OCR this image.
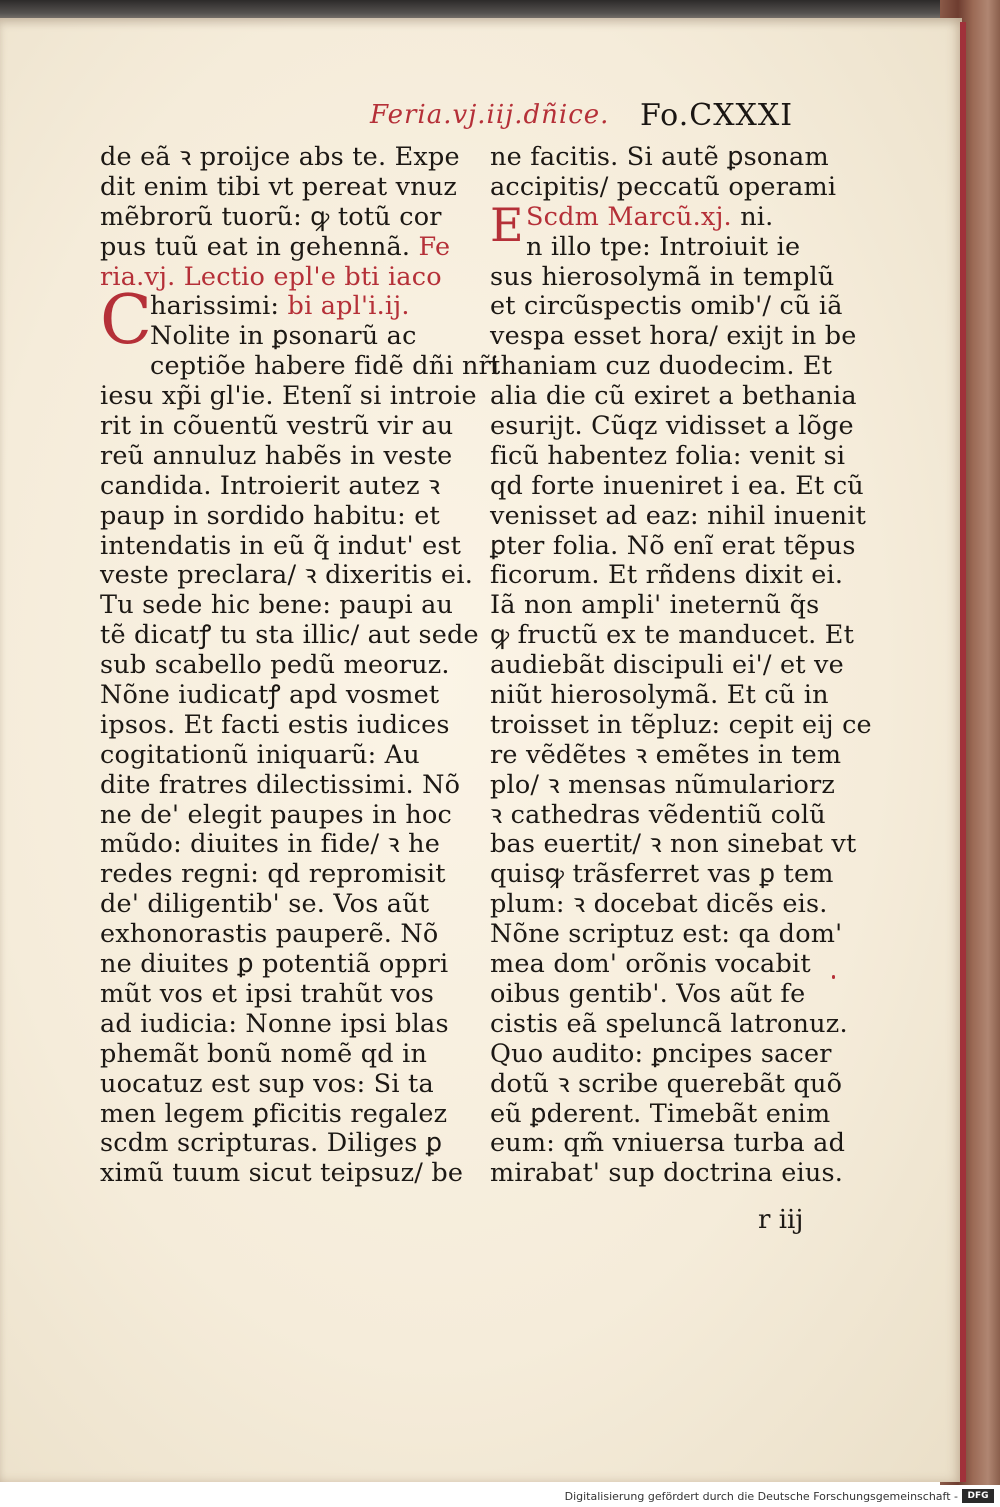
Feria.vj.iij.dñice. Fo.CXXXI
de eã ꝛ proijce abs te. Expe
dit enim tibi vt pereat vnuz
mẽbrorũ tuorũ: ꝙ totũ cor
pus tuũ eat in gehennã. Fe
ria.vj. Lectio epl'e bti iaco
C
harissimi: bi apl'i.ij.
Nolite in ꝑsonarũ ac
ceptiõe habere fidẽ dñi nr̃i
iesu xp̃i gl'ie. Etenĩ si introie
rit in cõuentũ vestrũ vir au
reũ annuluz habẽs in veste
candida. Introierit autez ꝛ
paup in sordido habitu: et
intendatis in eũ q̃ indut' est
veste preclara/ ꝛ dixeritis ei.
Tu sede hic bene: paupi au
tẽ dicatꝭ tu sta illic/ aut sede
sub scabello pedũ meoruz.
Nõne iudicatꝭ apd vosmet
ipsos. Et facti estis iudices
cogitationũ iniquarũ: Au
dite fratres dilectissimi. Nõ
ne de' elegit paupes in hoc
mũdo: diuites in fide/ ꝛ he
redes regni: qd repromisit
de' diligentib' se. Vos aũt
exhonorastis pauperẽ. Nõ
ne diuites ꝑ potentiã oppri
mũt vos et ipsi trahũt vos
ad iudicia: Nonne ipsi blas
phemãt bonũ nomẽ qd in
uocatuz est sup vos: Si ta
men legem ꝑficitis regalez
scdm scripturas. Diliges ꝑ
ximũ tuum sicut teipsuz/ be
ne facitis. Si autẽ ꝑsonam
accipitis/ peccatũ operami
E Scdm Marcũ.xj. ni.
n illo tpe: Introiuit ie
sus hierosolymã in templũ
et circũspectis omib'/ cũ iã
vespa esset hora/ exijt in be
thaniam cuz duodecim. Et
alia die cũ exiret a bethania
esurijt. Cũqz vidisset a lõge
ficũ habentez folia: venit si
qd forte inueniret i ea. Et cũ
venisset ad eaz: nihil inuenit
ꝑter folia. Nõ enĩ erat tẽpus
ficorum. Et rñdens dixit ei.
Iã non ampli' ineternũ q̃s
ꝙ fructũ ex te manducet. Et
audiebãt discipuli ei'/ et ve
niũt hierosolymã. Et cũ in
troisset in tẽpluz: cepit eij ce
re vẽdẽtes ꝛ emẽtes in tem
plo/ ꝛ mensas nũmulariorz
ꝛ cathedras vẽdentiũ colũ
bas euertit/ ꝛ non sinebat vt
quisꝙ trãsferret vas ꝑ tem
plum: ꝛ docebat dicẽs eis.
Nõne scriptuz est: qa dom'
mea dom' orõnis vocabit
oibus gentib'. Vos aũt fe
cistis eã speluncã latronuz.
Quo audito: ꝑncipes sacer
dotũ ꝛ scribe querebãt quõ
eũ ꝑderent. Timebãt enim
eum: qm̃ vniuersa turba ad
mirabat' sup doctrina eius.
r iij
Digitalisierung gefördert durch die Deutsche Forschungsgemeinschaft -	DFG
